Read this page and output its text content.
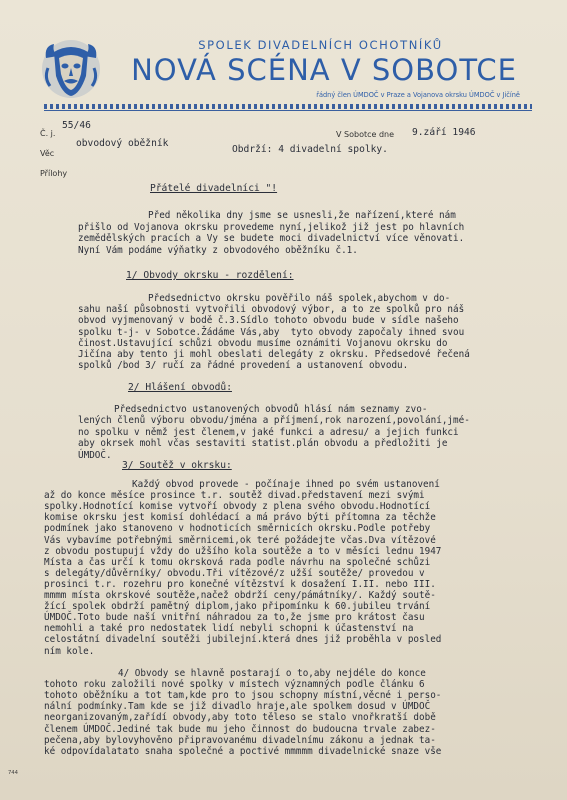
SPOLEK DIVADELNÍCH OCHOTNÍKŮ
NOVÁ SCÉNA V SOBOTCE
řádný člen ÚMDOČ v Praze a Vojanova okrsku ÚMDOČ v Jičíně
Č. j.
55/46
Věc
obvodový oběžník
Přílohy
V Sobotce dne 9.září 1946
Obdrží: 4 divadelní spolky.
Přátelé divadelníci "!
Před několika dny jsme se usnesli,že nařízení,které nám
přišlo od Vojanova okrsku provedeme nyní,jelikož již jest po hlavních
zemědělských pracích a Vy se budete moci divadelnictví více věnovati.
Nyní Vám podáme výňatky z obvodového oběžníku č.1.
1/ Obvody okrsku - rozdělení:
Předsednictvo okrsku pověřilo náš spolek,abychom v do-
sahu naší působnosti vytvořili obvodový výbor, a to ze spolků pro náš
obvod vyjmenovaný v bodě č.3.Sídlo tohoto obvodu bude v sídle našeho
spolku t-j- v Sobotce.Žádáme Vás,aby  tyto obvody započaly ihned svou
činost.Ustavující schůzi obvodu musíme oznámiti Vojanovu okrsku do
Jičína aby tento ji mohl obeslati delegáty z okrsku. Předsedové řečená
spolků /bod 3/ ručí za řádné provedení a ustanovení obvodu.
2/ Hlášení obvodů:
Předsednictvo ustanovených obvodů hlásí nám seznamy zvo-
lených členů výboru obvodu/jména a příjmení,rok narození,povolání,jmé-
no spolku v němž jest členem,v jaké funkci a adresu/ a jejich funkci
aby okrsek mohl včas sestaviti statist.plán obvodu a předložiti je
ÚMDOČ.
3/ Soutěž v okrsku:
Každý obvod provede - počínaje ihned po svém ustanovení
až do konce měsíce prosince t.r. soutěž divad.představení mezi svými
spolky.Hodnotící komise vytvoří obvody z plena svého obvodu.Hodnotící
komise okrsku jest komisí dohlédací a má právo býti přítomna za těchže
podmínek jako stanoveno v hodnoticích směrnicích okrsku.Podle potřeby
Vás vybavíme potřebnými směrnicemi,ok teré požádejte včas.Dva vítězové
z obvodu postupují vždy do užšího kola soutěže a to v měsíci lednu 1947
Místa a čas určí k tomu okrsková rada podle návrhu na společné schůzi
s delegáty/důvěrníky/ obvodu.Tři vítězové/z užší soutěže/ provedou v
prosinci t.r. rozehru pro konečné vítězství k dosažení I.II. nebo III.
mmmm místa okrskové soutěže,načež obdrží ceny/pámátníky/. Každý soutě-
žící spolek obdrží pamětný diplom,jako připomínku k 60.jubileu trvání
ÚMDOČ.Toto bude naší vnitřní náhradou za to,že jsme pro krátost času
nemohli a také pro nedostatek lidí nebyli schopni k účastenství na
celostátní divadelní soutěži jubilejní.která dnes již proběhla v posled
ním kole.
4/ Obvody se hlavně postarají o to,aby nejdéle do konce
tohoto roku založili nové spolky v místech významných podle článku 6
tohoto oběžníku a tot tam,kde pro to jsou schopny místní,věcné i perso-
nální podmínky.Tam kde se již divadlo hraje,ale spolkem dosud v ÚMDOČ
neorganizovaným,zařídí obvody,aby toto těleso se stalo vnořkratší době
členem ÚMDOČ.Jediné tak bude mu jeho činnost do budoucna trvale zabez-
pečena,aby bylovyhověno připravovanému divadelnímu zákonu a jednak ta-
ké odpovídalatato snaha společné a poctivé mmmmm divadelnické snaze vše
744
